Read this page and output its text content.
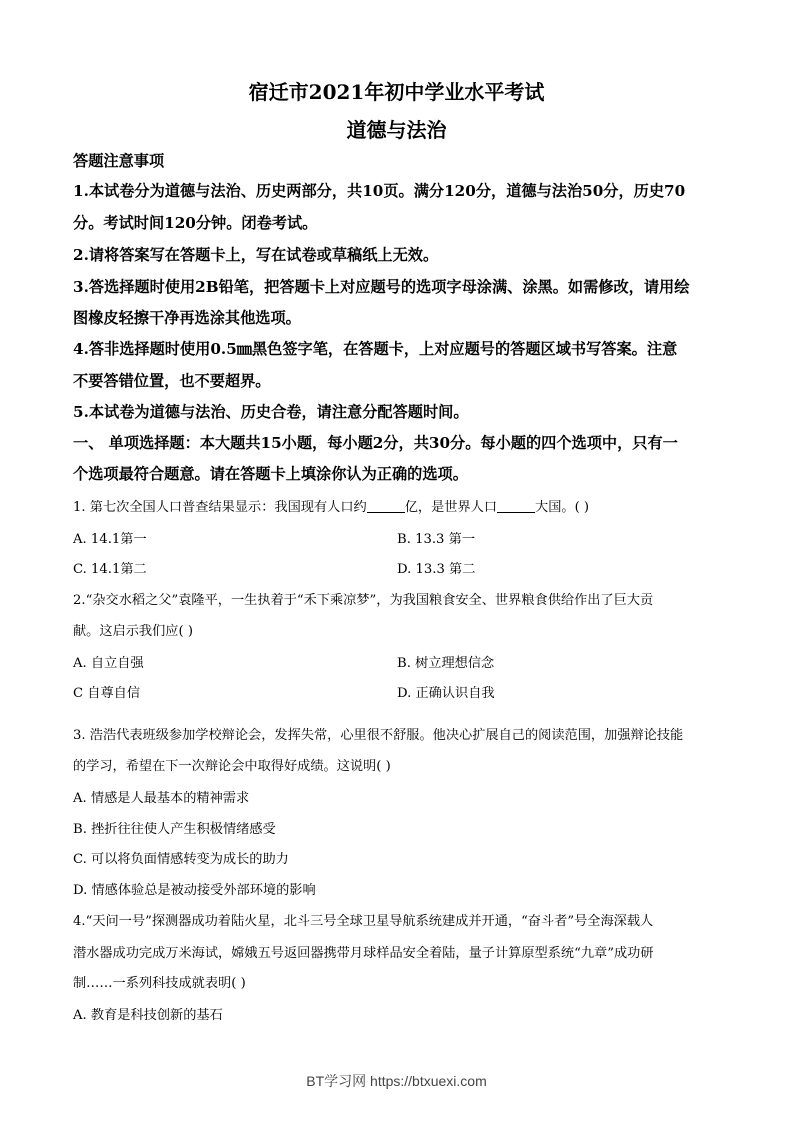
宿迁市2021年初中学业水平考试
道德与法治
答题注意事项
1.本试卷分为道德与法治、历史两部分，共10页。满分120分，道德与法治50分，历史70
分。考试时间120分钟。闭卷考试。
2.请将答案写在答题卡上，写在试卷或草稿纸上无效。
3.答选择题时使用2B铅笔，把答题卡上对应题号的选项字母涂满、涂黑。如需修改，请用绘
图橡皮轻擦干净再选涂其他选项。
4.答非选择题时使用0.5㎜黑色签字笔，在答题卡，上对应题号的答题区域书写答案。注意
不要答错位置，也不要超界。
5.本试卷为道德与法治、历史合卷，请注意分配答题时间。
一、 单项选择题：本大题共15小题，每小题2分，共30分。每小题的四个选项中，只有一
个选项最符合题意。请在答题卡上填涂你认为正确的选项。
1. 第七次全国人口普查结果显示：我国现有人口约	亿，是世界人口	大国。( )
A. 14.1第一	B. 13.3 第一
C. 14.1第二	D. 13.3 第二
2.“杂交水稻之父”袁隆平，一生执着于“禾下乘凉梦”，为我国粮食安全、世界粮食供给作出了巨大贡
献。这启示我们应( )
A. 自立自强	B. 树立理想信念
C 自尊自信	D. 正确认识自我
3. 浩浩代表班级参加学校辩论会，发挥失常，心里很不舒服。他决心扩展自己的阅读范围，加强辩论技能
的学习，希望在下一次辩论会中取得好成绩。这说明( )
A. 情感是人最基本的精神需求
B. 挫折往往使人产生积极情绪感受
C. 可以将负面情感转变为成长的助力
D. 情感体验总是被动接受外部环境的影响
4.“天问一号”探测器成功着陆火星，北斗三号全球卫星导航系统建成并开通，“奋斗者”号全海深载人
潜水器成功完成万米海试，嫦娥五号返回器携带月球样品安全着陆，量子计算原型系统“九章”成功研
制……一系列科技成就表明( )
A. 教育是科技创新的基石
BT学习网 https://btxuexi.com
